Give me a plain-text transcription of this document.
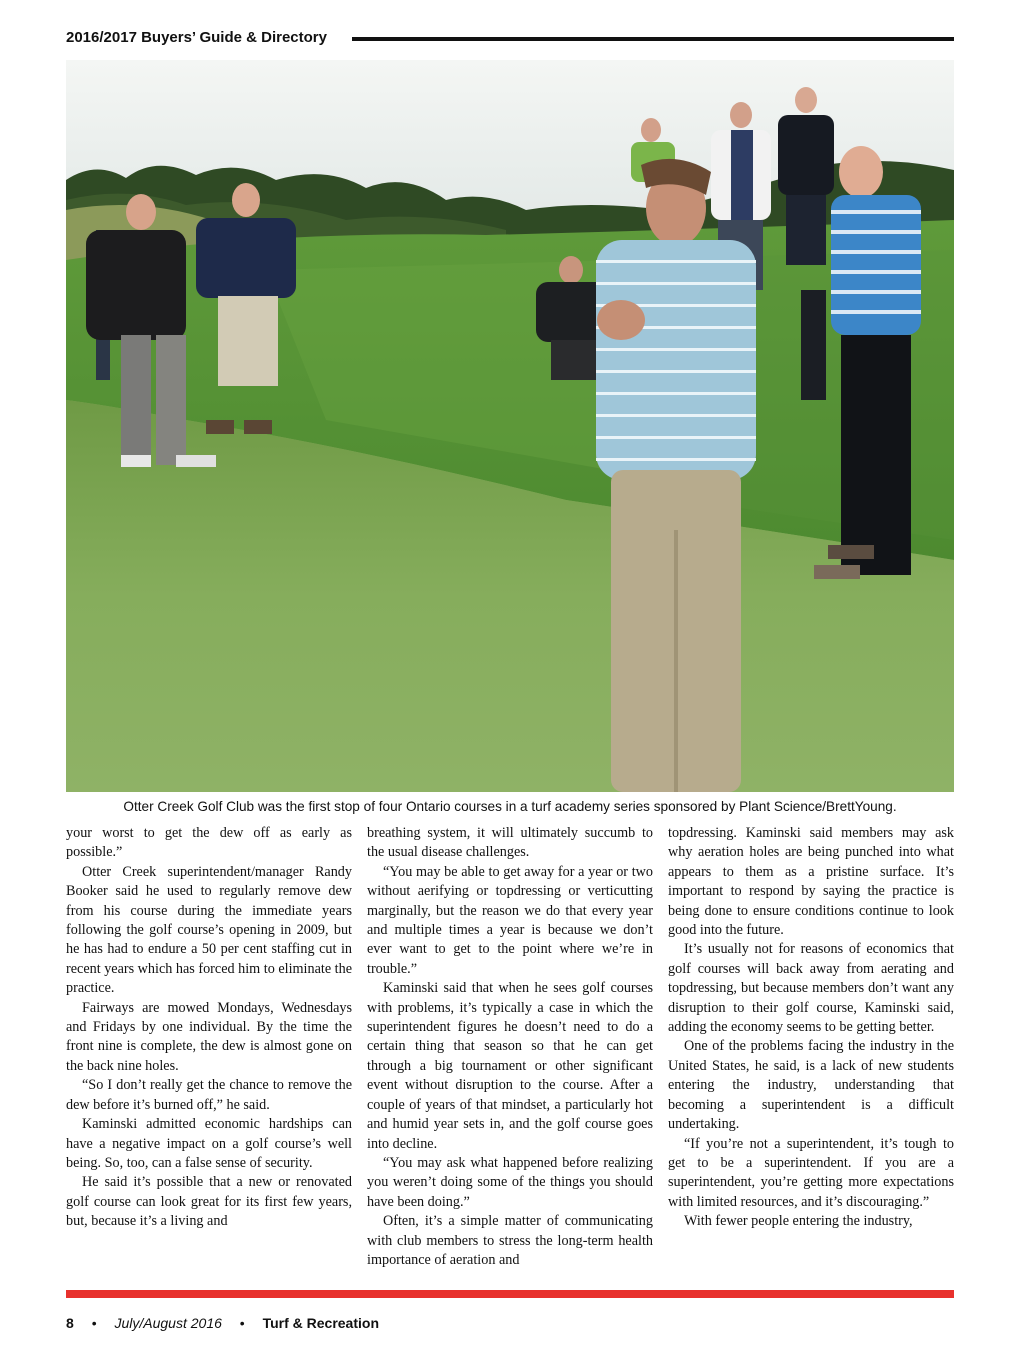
2016/2017 Buyers’ Guide & Directory
Otter Creek Golf Club was the first stop of four Ontario courses in a turf academy series sponsored by Plant Science/BrettYoung.

your worst to get the dew off as early as possible.”

Otter Creek superintendent/manager Randy Booker said he used to regularly remove dew from his course during the immediate years following the golf course’s opening in 2009, but he has had to endure a 50 per cent staffing cut in recent years which has forced him to eliminate the practice.

Fairways are mowed Mondays, Wednesdays and Fridays by one individual. By the time the front nine is complete, the dew is almost gone on the back nine holes.

“So I don’t really get the chance to remove the dew before it’s burned off,” he said.

Kaminski admitted economic hardships can have a negative impact on a golf course’s well being. So, too, can a false sense of security.

He said it’s possible that a new or renovated golf course can look great for its first few years, but, because it’s a living and

breathing system, it will ultimately succumb to the usual disease challenges.

“You may be able to get away for a year or two without aerifying or topdressing or verticutting marginally, but the reason we do that every year and multiple times a year is because we don’t ever want to get to the point where we’re in trouble.”

Kaminski said that when he sees golf courses with problems, it’s typically a case in which the superintendent figures he doesn’t need to do a certain thing that season so that he can get through a big tournament or other significant event without disruption to the course. After a couple of years of that mindset, a particularly hot and humid year sets in, and the golf course goes into decline.

“You may ask what happened before realizing you weren’t doing some of the things you should have been doing.”

Often, it’s a simple matter of communicating with club members to stress the long-term health importance of aeration and

topdressing. Kaminski said members may ask why aeration holes are being punched into what appears to them as a pristine surface. It’s important to respond by saying the practice is being done to ensure conditions continue to look good into the future.

It’s usually not for reasons of economics that golf courses will back away from aerating and topdressing, but because members don’t want any disruption to their golf course, Kaminski said, adding the economy seems to be getting better.

One of the problems facing the industry in the United States, he said, is a lack of new students entering the industry, understanding that becoming a superintendent is a difficult undertaking.

“If you’re not a superintendent, it’s tough to get to be a superintendent. If you are a superintendent, you’re getting more expectations with limited resources, and it’s discouraging.”

With fewer people entering the industry,

8 • July/August 2016 • Turf & Recreation
